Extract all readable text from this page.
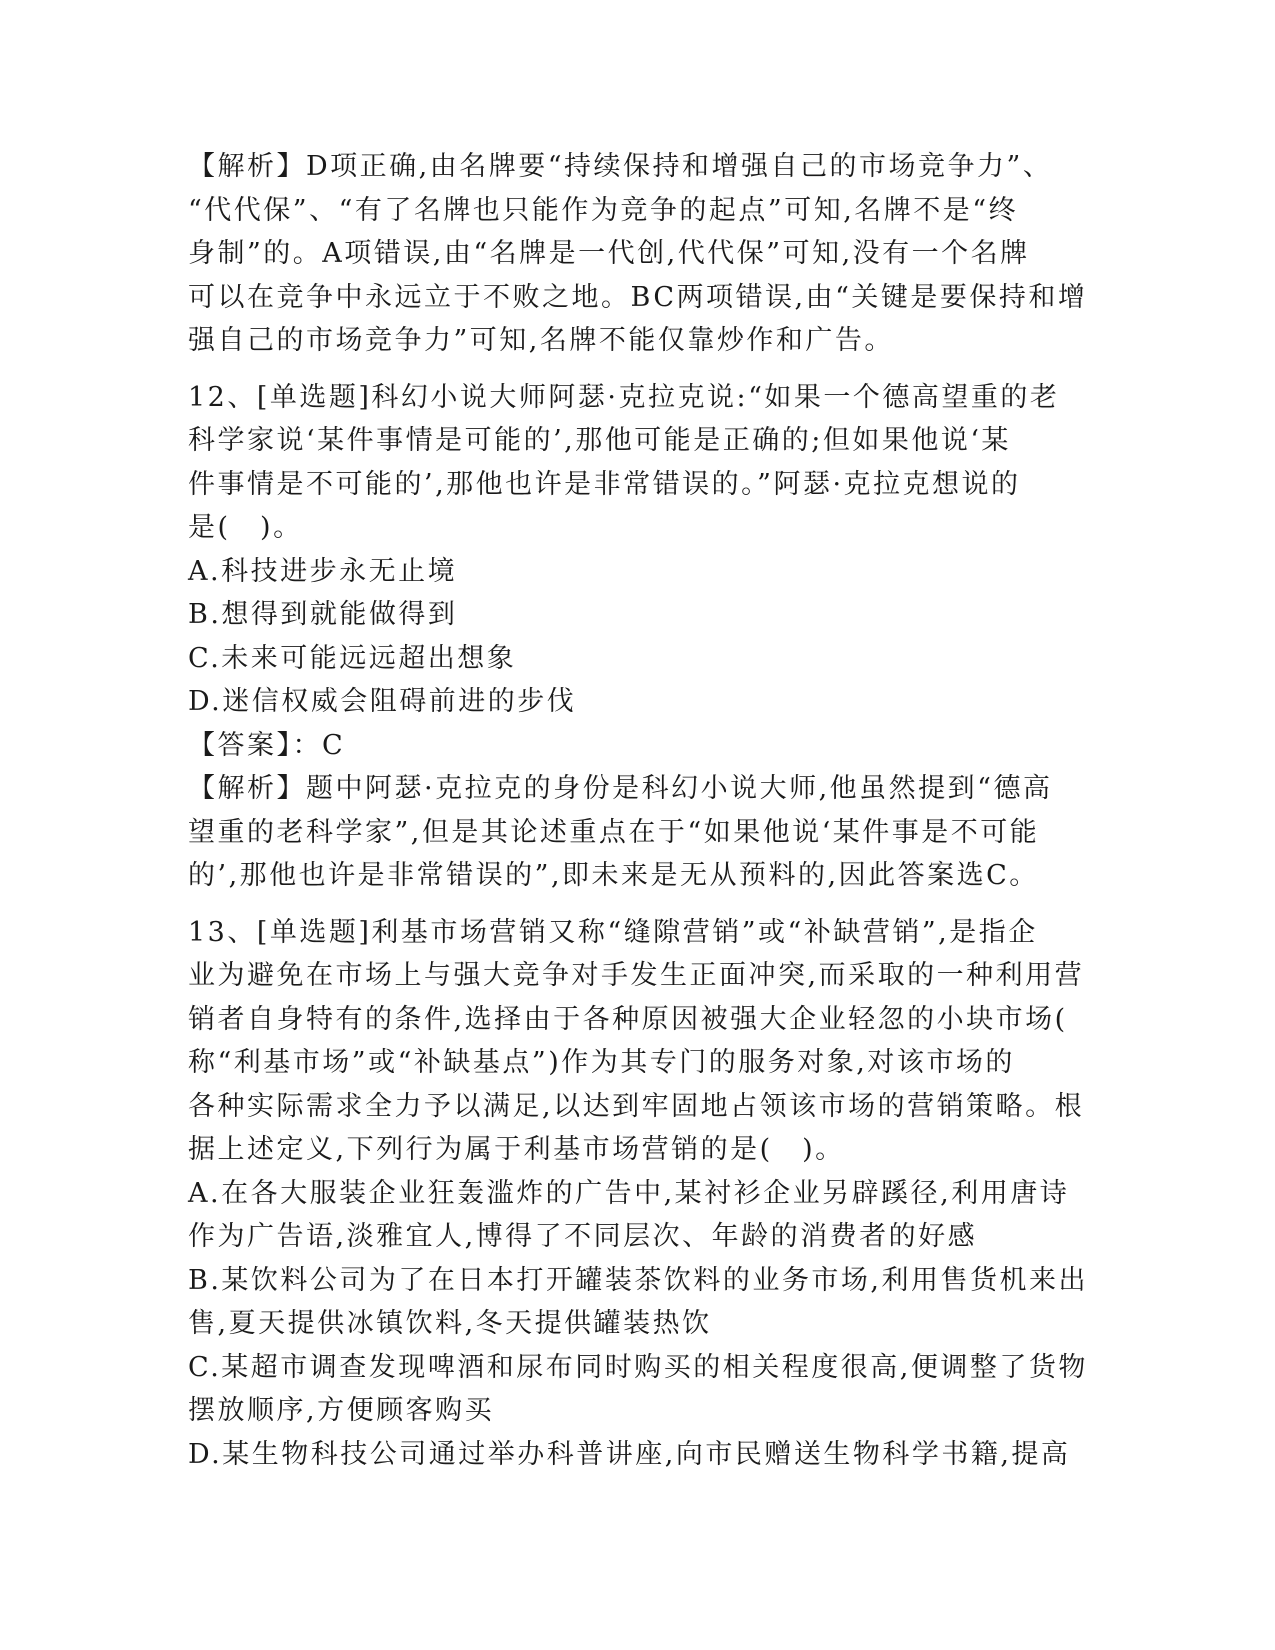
【解析】D项正确,由名牌要“持续保持和增强自己的市场竞争力”、

“代代保”、“有了名牌也只能作为竞争的起点”可知,名牌不是“终

身制”的。A项错误,由“名牌是一代创,代代保”可知,没有一个名牌

可以在竞争中永远立于不败之地。BC两项错误,由“关键是要保持和增

强自己的市场竞争力”可知,名牌不能仅靠炒作和广告。

12、[单选题]科幻小说大师阿瑟·克拉克说:“如果一个德高望重的老

科学家说‘某件事情是可能的’,那他可能是正确的;但如果他说‘某

件事情是不可能的’,那他也许是非常错误的。”阿瑟·克拉克想说的

是(　)。

A.科技进步永无止境

B.想得到就能做得到

C.未来可能远远超出想象

D.迷信权威会阻碍前进的步伐

【答案】：C

【解析】题中阿瑟·克拉克的身份是科幻小说大师,他虽然提到“德高

望重的老科学家”,但是其论述重点在于“如果他说‘某件事是不可能

的’,那他也许是非常错误的”,即未来是无从预料的,因此答案选C。

13、[单选题]利基市场营销又称“缝隙营销”或“补缺营销”,是指企

业为避免在市场上与强大竞争对手发生正面冲突,而采取的一种利用营

销者自身特有的条件,选择由于各种原因被强大企业轻忽的小块市场(

称“利基市场”或“补缺基点”)作为其专门的服务对象,对该市场的

各种实际需求全力予以满足,以达到牢固地占领该市场的营销策略。根

据上述定义,下列行为属于利基市场营销的是(　)。

A.在各大服装企业狂轰滥炸的广告中,某衬衫企业另辟蹊径,利用唐诗

作为广告语,淡雅宜人,博得了不同层次、年龄的消费者的好感

B.某饮料公司为了在日本打开罐装茶饮料的业务市场,利用售货机来出

售,夏天提供冰镇饮料,冬天提供罐装热饮

C.某超市调查发现啤酒和尿布同时购买的相关程度很高,便调整了货物

摆放顺序,方便顾客购买

D.某生物科技公司通过举办科普讲座,向市民赠送生物科学书籍,提高
